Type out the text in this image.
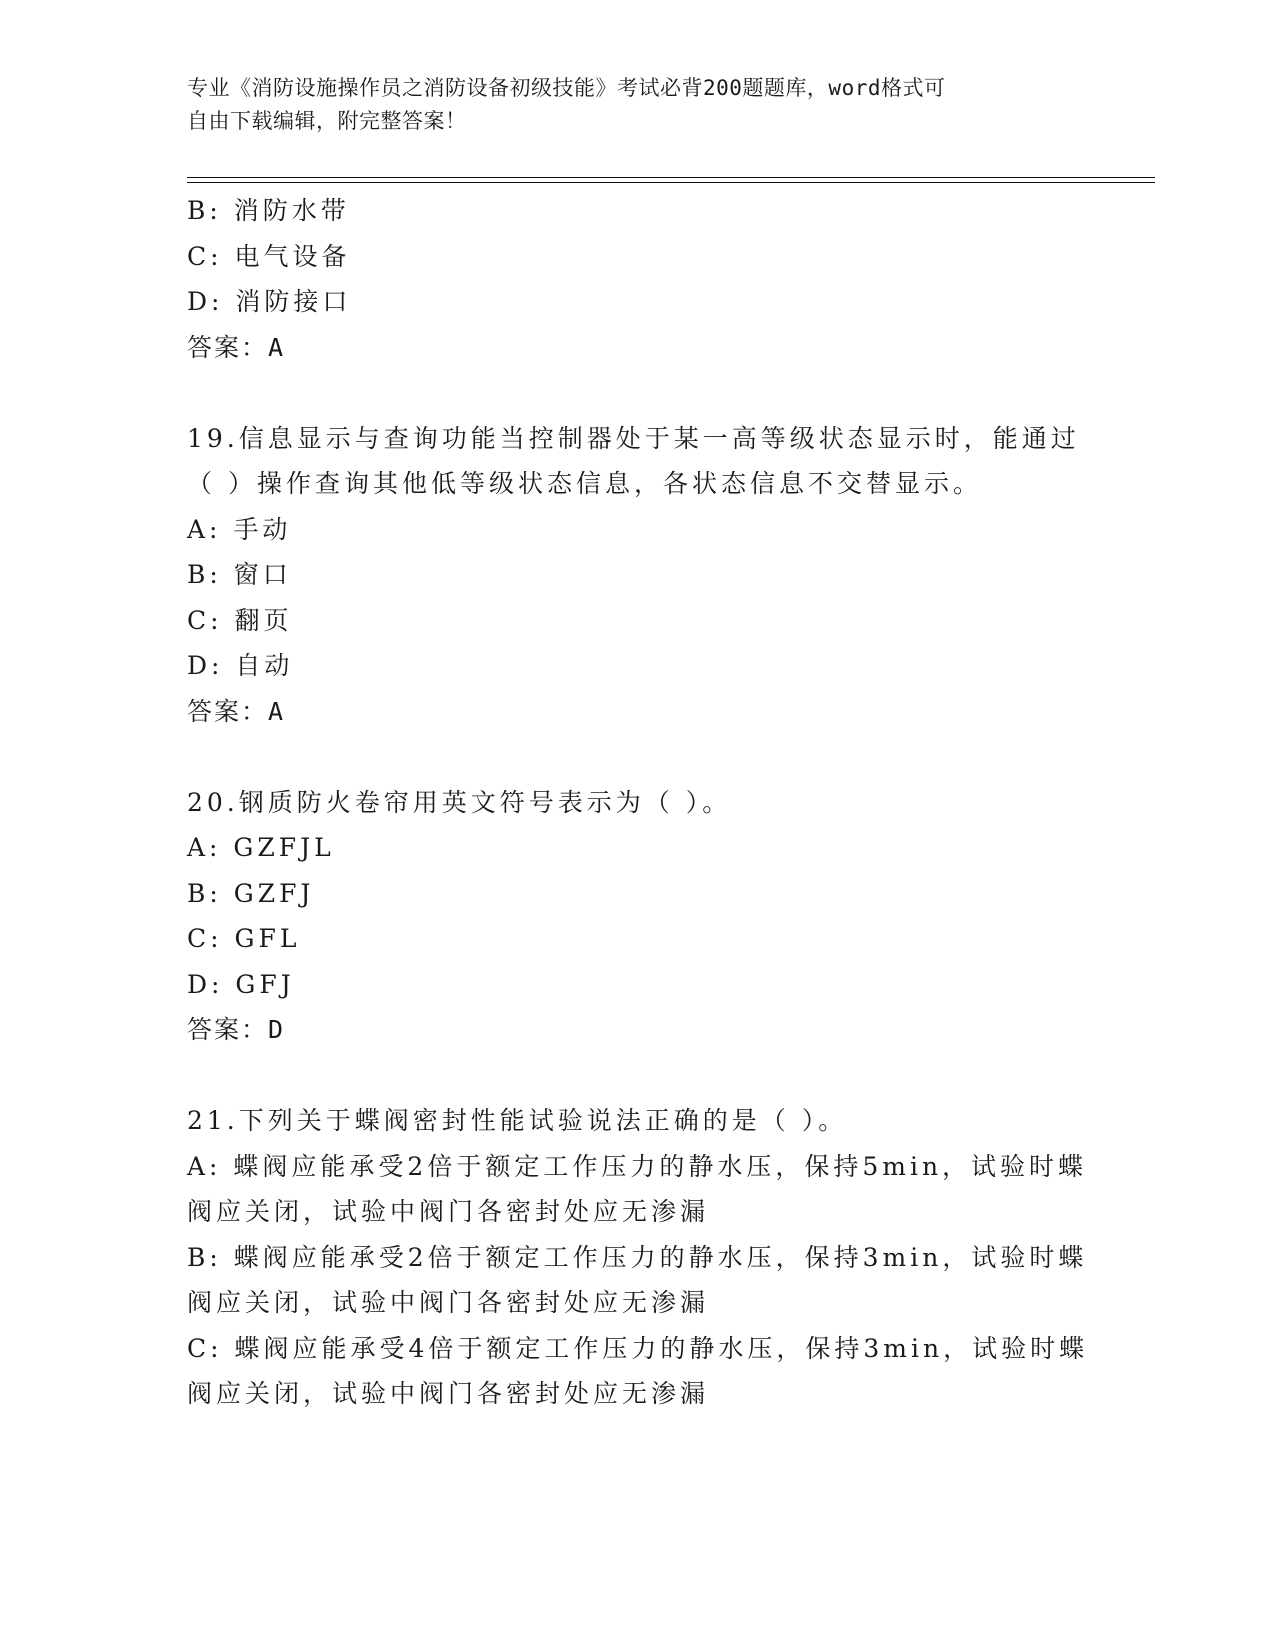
专业《消防设施操作员之消防设备初级技能》考试必背200题题库，word格式可
自由下载编辑，附完整答案！
B: 消防水带
C: 电气设备
D: 消防接口
答案：A
19.信息显示与查询功能当控制器处于某一高等级状态显示时，能通过
（ ）操作查询其他低等级状态信息，各状态信息不交替显示。
A: 手动
B: 窗口
C: 翻页
D: 自动
答案：A
20.钢质防火卷帘用英文符号表示为（ ）。
A: GZFJL
B: GZFJ
C: GFL
D: GFJ
答案：D
21.下列关于蝶阀密封性能试验说法正确的是（ ）。
A: 蝶阀应能承受2倍于额定工作压力的静水压，保持5min，试验时蝶
阀应关闭，试验中阀门各密封处应无渗漏
B: 蝶阀应能承受2倍于额定工作压力的静水压，保持3min，试验时蝶
阀应关闭，试验中阀门各密封处应无渗漏
C: 蝶阀应能承受4倍于额定工作压力的静水压，保持3min，试验时蝶
阀应关闭，试验中阀门各密封处应无渗漏
